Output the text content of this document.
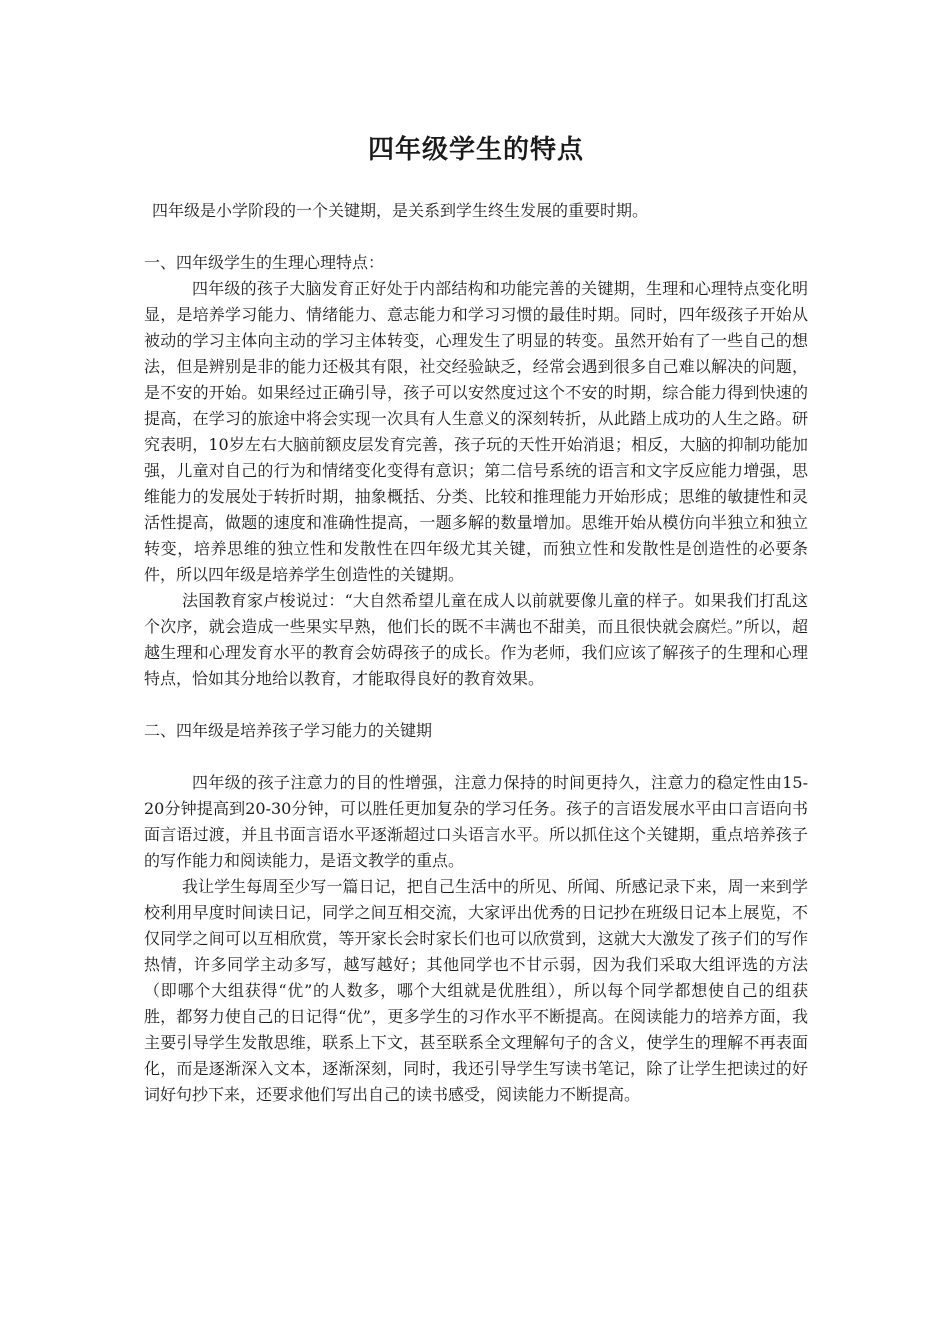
四年级学生的特点

四年级是小学阶段的一个关键期，是关系到学生终生发展的重要时期。

一、四年级学生的生理心理特点：

四年级的孩子大脑发育正好处于内部结构和功能完善的关键期，生理和心理特点变化明显，是培养学习能力、情绪能力、意志能力和学习习惯的最佳时期。同时，四年级孩子开始从被动的学习主体向主动的学习主体转变，心理发生了明显的转变。虽然开始有了一些自己的想法，但是辨别是非的能力还极其有限，社交经验缺乏，经常会遇到很多自己难以解决的问题，是不安的开始。如果经过正确引导，孩子可以安然度过这个不安的时期，综合能力得到快速的提高，在学习的旅途中将会实现一次具有人生意义的深刻转折，从此踏上成功的人生之路。研究表明，10岁左右大脑前额皮层发育完善，孩子玩的天性开始消退；相反，大脑的抑制功能加强，儿童对自己的行为和情绪变化变得有意识；第二信号系统的语言和文字反应能力增强，思维能力的发展处于转折时期，抽象概括、分类、比较和推理能力开始形成；思维的敏捷性和灵活性提高，做题的速度和准确性提高，一题多解的数量增加。思维开始从模仿向半独立和独立转变，培养思维的独立性和发散性在四年级尤其关键，而独立性和发散性是创造性的必要条件，所以四年级是培养学生创造性的关键期。

法国教育家卢梭说过：“大自然希望儿童在成人以前就要像儿童的样子。如果我们打乱这个次序，就会造成一些果实早熟，他们长的既不丰满也不甜美，而且很快就会腐烂。”所以，超越生理和心理发育水平的教育会妨碍孩子的成长。作为老师，我们应该了解孩子的生理和心理特点，恰如其分地给以教育，才能取得良好的教育效果。

二、四年级是培养孩子学习能力的关键期

四年级的孩子注意力的目的性增强，注意力保持的时间更持久，注意力的稳定性由15-20分钟提高到20-30分钟，可以胜任更加复杂的学习任务。孩子的言语发展水平由口言语向书面言语过渡，并且书面言语水平逐渐超过口头语言水平。所以抓住这个关键期，重点培养孩子的写作能力和阅读能力，是语文教学的重点。

我让学生每周至少写一篇日记，把自己生活中的所见、所闻、所感记录下来，周一来到学校利用早度时间读日记，同学之间互相交流，大家评出优秀的日记抄在班级日记本上展览，不仅同学之间可以互相欣赏，等开家长会时家长们也可以欣赏到，这就大大激发了孩子们的写作热情，许多同学主动多写，越写越好；其他同学也不甘示弱，因为我们采取大组评选的方法（即哪个大组获得“优”的人数多，哪个大组就是优胜组），所以每个同学都想使自己的组获胜，都努力使自己的日记得“优”，更多学生的习作水平不断提高。在阅读能力的培养方面，我主要引导学生发散思维，联系上下文，甚至联系全文理解句子的含义，使学生的理解不再表面化，而是逐渐深入文本，逐渐深刻，同时，我还引导学生写读书笔记，除了让学生把读过的好词好句抄下来，还要求他们写出自己的读书感受，阅读能力不断提高。
